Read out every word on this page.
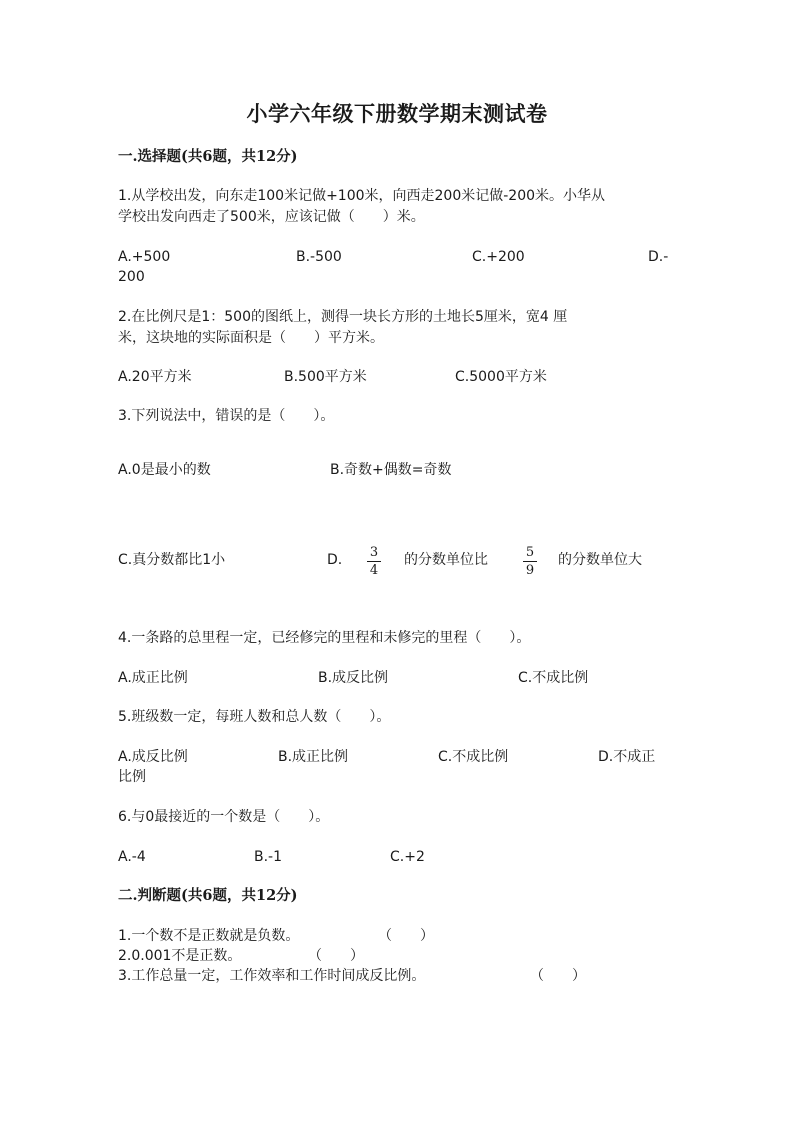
小学六年级下册数学期末测试卷
一.选择题(共6题，共12分)
1.从学校出发，向东走100米记做+100米，向西走200米记做-200米。小华从
学校出发向西走了500米，应该记做（　　）米。
A.+500	B.-500	C.+200	D.-
200
2.在比例尺是1：500的图纸上，测得一块长方形的土地长5厘米，宽4 厘
米，这块地的实际面积是（　　）平方米。
A.20平方米	B.500平方米	C.5000平方米
3.下列说法中，错误的是（　　）。
A.0是最小的数	B.奇数+偶数=奇数
C.真分数都比1小	D. 3
4
的分数单位比	5
9
的分数单位大
4.一条路的总里程一定，已经修完的里程和未修完的里程（　　）。
A.成正比例	B.成反比例	C.不成比例
5.班级数一定，每班人数和总人数（　　）。
A.成反比例	B.成正比例	C.不成比例	D.不成正
比例
6.与0最接近的一个数是（　　）。
A.-4	B.-1	C.+2
二.判断题(共6题，共12分)
1.一个数不是正数就是负数。	（　　）
2.0.001不是正数。	（　　）
3.工作总量一定，工作效率和工作时间成反比例。	（　　）
